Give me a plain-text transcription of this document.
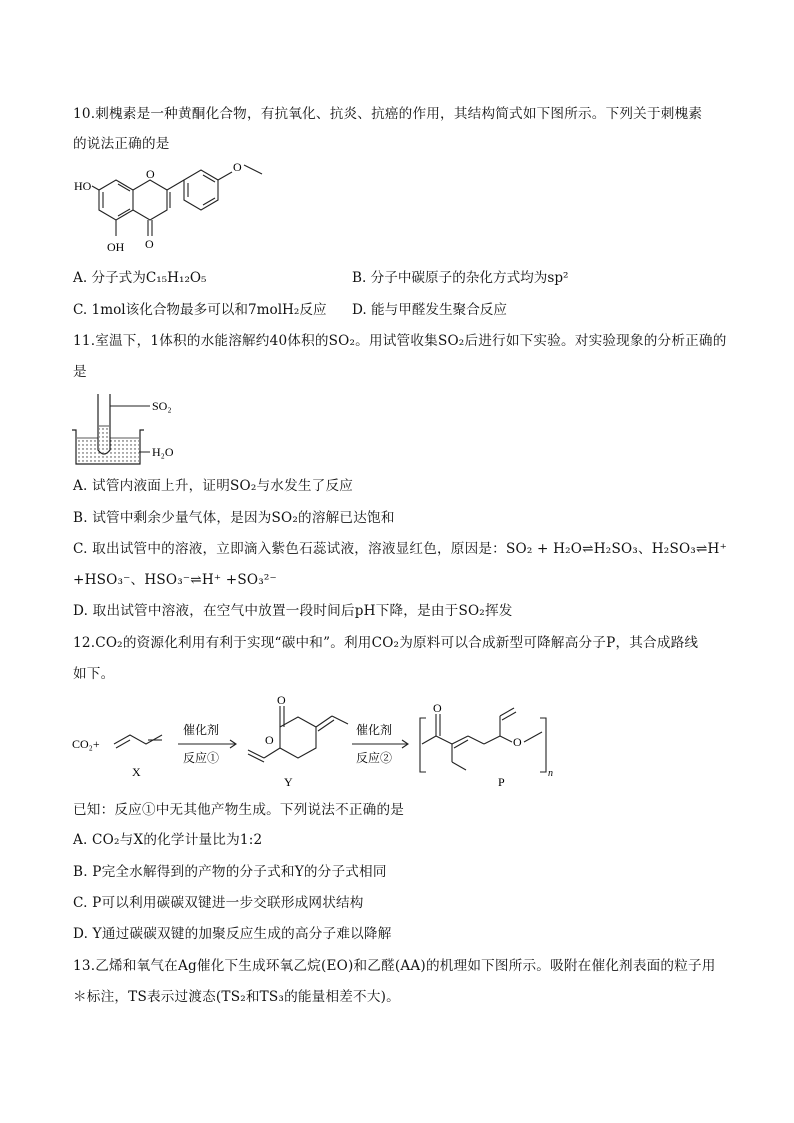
10.刺槐素是一种黄酮化合物，有抗氧化、抗炎、抗癌的作用，其结构简式如下图所示。下列关于刺槐素
的说法正确的是
HO
OH O
O	O
A. 分子式为C₁₅H₁₂O₅	B. 分子中碳原子的杂化方式均为sp²
C. 1mol该化合物最多可以和7molH₂反应 D. 能与甲醛发生聚合反应
11.室温下，1体积的水能溶解约40体积的SO₂。用试管收集SO₂后进行如下实验。对实验现象的分析正确的
是
SO₂
H₂O
A. 试管内液面上升，证明SO₂与水发生了反应
B. 试管中剩余少量气体，是因为SO₂的溶解已达饱和
C. 取出试管中的溶液，立即滴入紫色石蕊试液，溶液显红色，原因是：SO₂ + H₂O⇌H₂SO₃、H₂SO₃⇌H⁺
+HSO₃⁻、HSO₃⁻⇌H⁺ +SO₃²⁻
D. 取出试管中溶液，在空气中放置一段时间后pH下降，是由于SO₂挥发
12.CO₂的资源化利用有利于实现“碳中和”。利用CO₂为原料可以合成新型可降解高分子P，其合成路线
如下。
CO₂+
X
催化剂
反应①
O
O
Y
催化剂
反应②
O
O
n
P
已知：反应①中无其他产物生成。下列说法不正确的是
A. CO₂与X的化学计量比为1:2
B. P完全水解得到的产物的分子式和Y的分子式相同
C. P可以利用碳碳双键进一步交联形成网状结构
D. Y通过碳碳双键的加聚反应生成的高分子难以降解
13.乙烯和氧气在Ag催化下生成环氧乙烷(EO)和乙醛(AA)的机理如下图所示。吸附在催化剂表面的粒子用
＊标注，TS表示过渡态(TS₂和TS₃的能量相差不大)。
